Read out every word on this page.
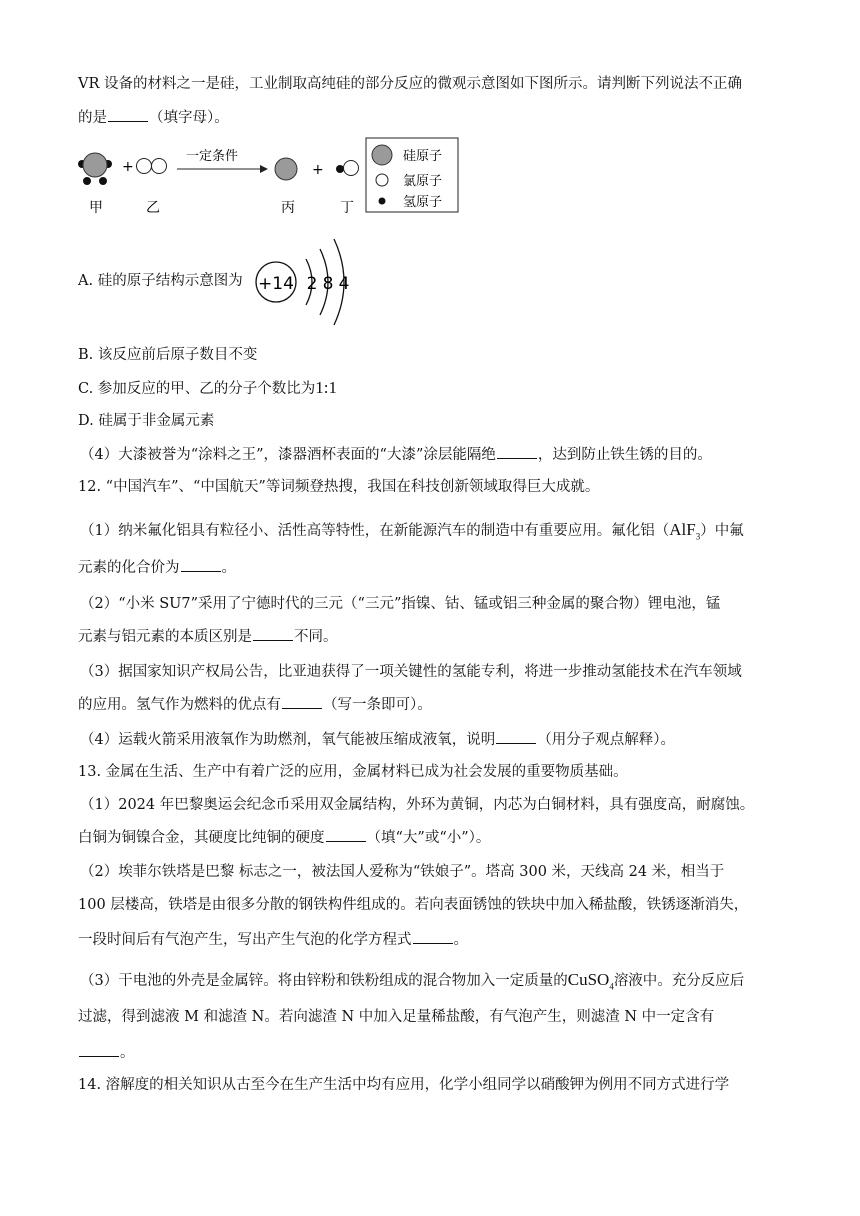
VR 设备的材料之一是硅，工业制取高纯硅的部分反应的微观示意图如下图所示。请判断下列说法不正确
的是	（填字母）。
+
一定条件
+
甲	乙	丙	丁
硅原子
氯原子
氢原子
A. 硅的原子结构示意图为 +14 2 8 4
B. 该反应前后原子数目不变
C. 参加反应的甲、乙的分子个数比为1:1
D. 硅属于非金属元素
（4）大漆被誉为“涂料之王”，漆器酒杯表面的“大漆”涂层能隔绝	，达到防止铁生锈的目的。
12. “中国汽车”、“中国航天”等词频登热搜，我国在科技创新领域取得巨大成就。
（1）纳米氟化铝具有粒径小、活性高等特性，在新能源汽车的制造中有重要应用。氟化铝（AlF$_3$）中氟
元素的化合价为	。
（2）“小米 SU7”采用了宁德时代的三元（“三元”指镍、钴、锰或铝三种金属的聚合物）锂电池，锰
元素与铝元素的本质区别是	不同。
（3）据国家知识产权局公告，比亚迪获得了一项关键性的氢能专利，将进一步推动氢能技术在汽车领域
的应用。氢气作为燃料的优点有	（写一条即可）。
（4）运载火箭采用液氧作为助燃剂，氧气能被压缩成液氧，说明	（用分子观点解释）。
13. 金属在生活、生产中有着广泛的应用，金属材料已成为社会发展的重要物质基础。
（1）2024 年巴黎奥运会纪念币采用双金属结构，外环为黄铜，内芯为白铜材料，具有强度高，耐腐蚀。
白铜为铜镍合金，其硬度比纯铜的硬度	（填“大”或“小”）。
（2）埃菲尔铁塔是巴黎 标志之一，被法国人爱称为“铁娘子”。塔高 300 米，天线高 24 米，相当于
100 层楼高，铁塔是由很多分散的钢铁构件组成的。若向表面锈蚀的铁块中加入稀盐酸，铁锈逐渐消失，
一段时间后有气泡产生，写出产生气泡的化学方程式	。
（3）干电池的外壳是金属锌。将由锌粉和铁粉组成的混合物加入一定质量的CuSO$_4$溶液中。充分反应后
过滤，得到滤液 M 和滤渣 N。若向滤渣 N 中加入足量稀盐酸，有气泡产生，则滤渣 N 中一定含有
。
14. 溶解度的相关知识从古至今在生产生活中均有应用，化学小组同学以硝酸钾为例用不同方式进行学
